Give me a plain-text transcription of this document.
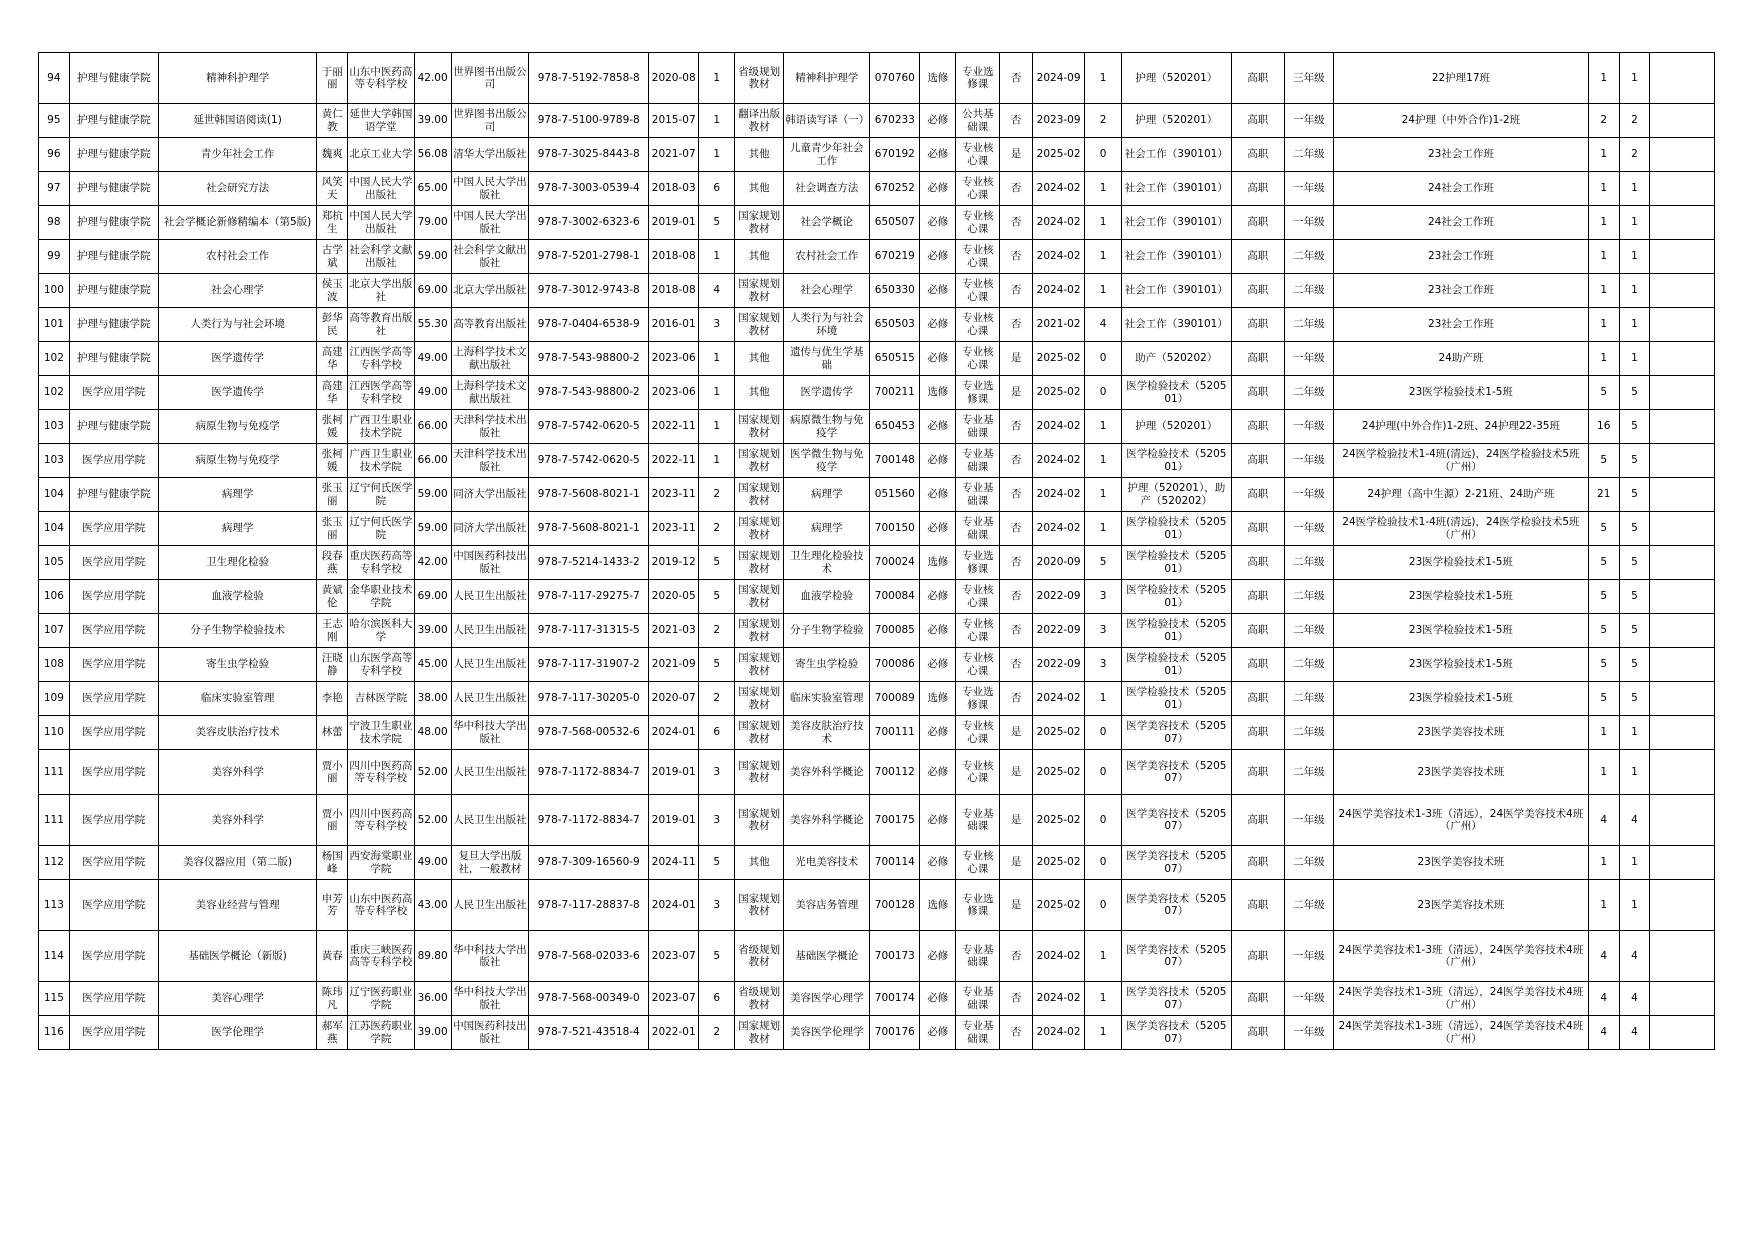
94	护理与健康学院	精神科护理学	于丽丽	山东中医药高等专科学校	42.00	世界图书出版公司	978-7-5192-7858-8	2020-08	1	省级规划教材	精神科护理学	070760	选修	专业选修课	否	2024-09	1	护理（520201）	高职	三年级	22护理17班	1	1	
95	护理与健康学院	延世韩国语阅读(1)	黄仁教	延世大学韩国语学堂	39.00	世界图书出版公司	978-7-5100-9789-8	2015-07	1	翻译出版教材	韩语读写译（一）	670233	必修	公共基础课	否	2023-09	2	护理（520201）	高职	一年级	24护理（中外合作)1-2班	2	2	
96	护理与健康学院	青少年社会工作	魏爽	北京工业大学	56.08	清华大学出版社	978-7-3025-8443-8	2021-07	1	其他	儿童青少年社会工作	670192	必修	专业核心课	是	2025-02	0	社会工作（390101）	高职	二年级	23社会工作班	1	2	
97	护理与健康学院	社会研究方法	风笑天	中国人民大学出版社	65.00	中国人民大学出版社	978-7-3003-0539-4	2018-03	6	其他	社会调查方法	670252	必修	专业核心课	否	2024-02	1	社会工作（390101）	高职	一年级	24社会工作班	1	1	
98	护理与健康学院	社会学概论新修精编本（第5版)	郑杭生	中国人民大学出版社	79.00	中国人民大学出版社	978-7-3002-6323-6	2019-01	5	国家规划教材	社会学概论	650507	必修	专业核心课	否	2024-02	1	社会工作（390101）	高职	一年级	24社会工作班	1	1	
99	护理与健康学院	农村社会工作	古学斌	社会科学文献出版社	59.00	社会科学文献出版社	978-7-5201-2798-1	2018-08	1	其他	农村社会工作	670219	必修	专业核心课	否	2024-02	1	社会工作（390101）	高职	二年级	23社会工作班	1	1	
100	护理与健康学院	社会心理学	侯玉波	北京大学出版社	69.00	北京大学出版社	978-7-3012-9743-8	2018-08	4	国家规划教材	社会心理学	650330	必修	专业核心课	否	2024-02	1	社会工作（390101）	高职	二年级	23社会工作班	1	1	
101	护理与健康学院	人类行为与社会环境	彭华民	高等教育出版社	55.30	高等教育出版社	978-7-0404-6538-9	2016-01	3	国家规划教材	人类行为与社会环境	650503	必修	专业核心课	否	2021-02	4	社会工作（390101）	高职	二年级	23社会工作班	1	1	
102	护理与健康学院	医学遗传学	高建华	江西医学高等专科学校	49.00	上海科学技术文献出版社	978-7-543-98800-2	2023-06	1	其他	遗传与优生学基础	650515	必修	专业核心课	是	2025-02	0	助产（520202）	高职	一年级	24助产班	1	1	
102	医学应用学院	医学遗传学	高建华	江西医学高等专科学校	49.00	上海科学技术文献出版社	978-7-543-98800-2	2023-06	1	其他	医学遗传学	700211	选修	专业选修课	是	2025-02	0	医学检验技术（520501）	高职	二年级	23医学检验技术1-5班	5	5	
103	护理与健康学院	病原生物与免疫学	张柯媛	广西卫生职业技术学院	66.00	天津科学技术出版社	978-7-5742-0620-5	2022-11	1	国家规划教材	病原微生物与免疫学	650453	必修	专业基础课	否	2024-02	1	护理（520201）	高职	一年级	24护理(中外合作)1-2班、24护理22-35班	16	5	
103	医学应用学院	病原生物与免疫学	张柯媛	广西卫生职业技术学院	66.00	天津科学技术出版社	978-7-5742-0620-5	2022-11	1	国家规划教材	医学微生物与免疫学	700148	必修	专业基础课	否	2024-02	1	医学检验技术（520501）	高职	一年级	24医学检验技术1-4班(清远)，24医学检验技术5班（广州）	5	5	
104	护理与健康学院	病理学	张玉丽	辽宁何氏医学院	59.00	同济大学出版社	978-7-5608-8021-1	2023-11	2	国家规划教材	病理学	051560	必修	专业基础课	否	2024-02	1	护理（520201），助产（520202）	高职	一年级	24护理（高中生源）2-21班、24助产班	21	5	
104	医学应用学院	病理学	张玉丽	辽宁何氏医学院	59.00	同济大学出版社	978-7-5608-8021-1	2023-11	2	国家规划教材	病理学	700150	必修	专业基础课	否	2024-02	1	医学检验技术（520501）	高职	一年级	24医学检验技术1-4班(清远)，24医学检验技术5班（广州）	5	5	
105	医学应用学院	卫生理化检验	段春燕	重庆医药高等专科学校	42.00	中国医药科技出版社	978-7-5214-1433-2	2019-12	5	国家规划教材	卫生理化检验技术	700024	选修	专业选修课	否	2020-09	5	医学检验技术（520501）	高职	二年级	23医学检验技术1-5班	5	5	
106	医学应用学院	血液学检验	黄斌伦	金华职业技术学院	69.00	人民卫生出版社	978-7-117-29275-7	2020-05	5	国家规划教材	血液学检验	700084	必修	专业核心课	否	2022-09	3	医学检验技术（520501）	高职	二年级	23医学检验技术1-5班	5	5	
107	医学应用学院	分子生物学检验技术	王志刚	哈尔滨医科大学	39.00	人民卫生出版社	978-7-117-31315-5	2021-03	2	国家规划教材	分子生物学检验	700085	必修	专业核心课	否	2022-09	3	医学检验技术（520501）	高职	二年级	23医学检验技术1-5班	5	5	
108	医学应用学院	寄生虫学检验	汪晓静	山东医学高等专科学校	45.00	人民卫生出版社	978-7-117-31907-2	2021-09	5	国家规划教材	寄生虫学检验	700086	必修	专业核心课	否	2022-09	3	医学检验技术（520501）	高职	二年级	23医学检验技术1-5班	5	5	
109	医学应用学院	临床实验室管理	李艳	吉林医学院	38.00	人民卫生出版社	978-7-117-30205-0	2020-07	2	国家规划教材	临床实验室管理	700089	选修	专业选修课	否	2024-02	1	医学检验技术（520501）	高职	二年级	23医学检验技术1-5班	5	5	
110	医学应用学院	美容皮肤治疗技术	林蕾	宁波卫生职业技术学院	48.00	华中科技大学出版社	978-7-568-00532-6	2024-01	6	国家规划教材	美容皮肤治疗技术	700111	必修	专业核心课	是	2025-02	0	医学美容技术（520507）	高职	二年级	23医学美容技术班	1	1	
111	医学应用学院	美容外科学	贾小丽	四川中医药高等专科学校	52.00	人民卫生出版社	978-7-1172-8834-7	2019-01	3	国家规划教材	美容外科学概论	700112	必修	专业核心课	是	2025-02	0	医学美容技术（520507）	高职	二年级	23医学美容技术班	1	1	
111	医学应用学院	美容外科学	贾小丽	四川中医药高等专科学校	52.00	人民卫生出版社	978-7-1172-8834-7	2019-01	3	国家规划教材	美容外科学概论	700175	必修	专业基础课	是	2025-02	0	医学美容技术（520507）	高职	一年级	24医学美容技术1-3班（清远），24医学美容技术4班（广州）	4	4	
112	医学应用学院	美容仪器应用（第二版)	杨国峰	西安海棠职业学院	49.00	复旦大学出版社，一般教材	978-7-309-16560-9	2024-11	5	其他	光电美容技术	700114	必修	专业核心课	是	2025-02	0	医学美容技术（520507）	高职	二年级	23医学美容技术班	1	1	
113	医学应用学院	美容业经营与管理	申芳芳	山东中医药高等专科学校	43.00	人民卫生出版社	978-7-117-28837-8	2024-01	3	国家规划教材	美容店务管理	700128	选修	专业选修课	是	2025-02	0	医学美容技术（520507）	高职	二年级	23医学美容技术班	1	1	
114	医学应用学院	基础医学概论（新版)	黄春	重庆三峡医药高等专科学校	89.80	华中科技大学出版社	978-7-568-02033-6	2023-07	5	省级规划教材	基础医学概论	700173	必修	专业基础课	否	2024-02	1	医学美容技术（520507）	高职	一年级	24医学美容技术1-3班（清远），24医学美容技术4班（广州）	4	4	
115	医学应用学院	美容心理学	陈玮凡	辽宁医药职业学院	36.00	华中科技大学出版社	978-7-568-00349-0	2023-07	6	省级规划教材	美容医学心理学	700174	必修	专业基础课	否	2024-02	1	医学美容技术（520507）	高职	一年级	24医学美容技术1-3班（清远），24医学美容技术4班（广州）	4	4	
116	医学应用学院	医学伦理学	郝军燕	江苏医药职业学院	39.00	中国医药科技出版社	978-7-521-43518-4	2022-01	2	国家规划教材	美容医学伦理学	700176	必修	专业基础课	否	2024-02	1	医学美容技术（520507）	高职	一年级	24医学美容技术1-3班（清远），24医学美容技术4班（广州）	4	4	
